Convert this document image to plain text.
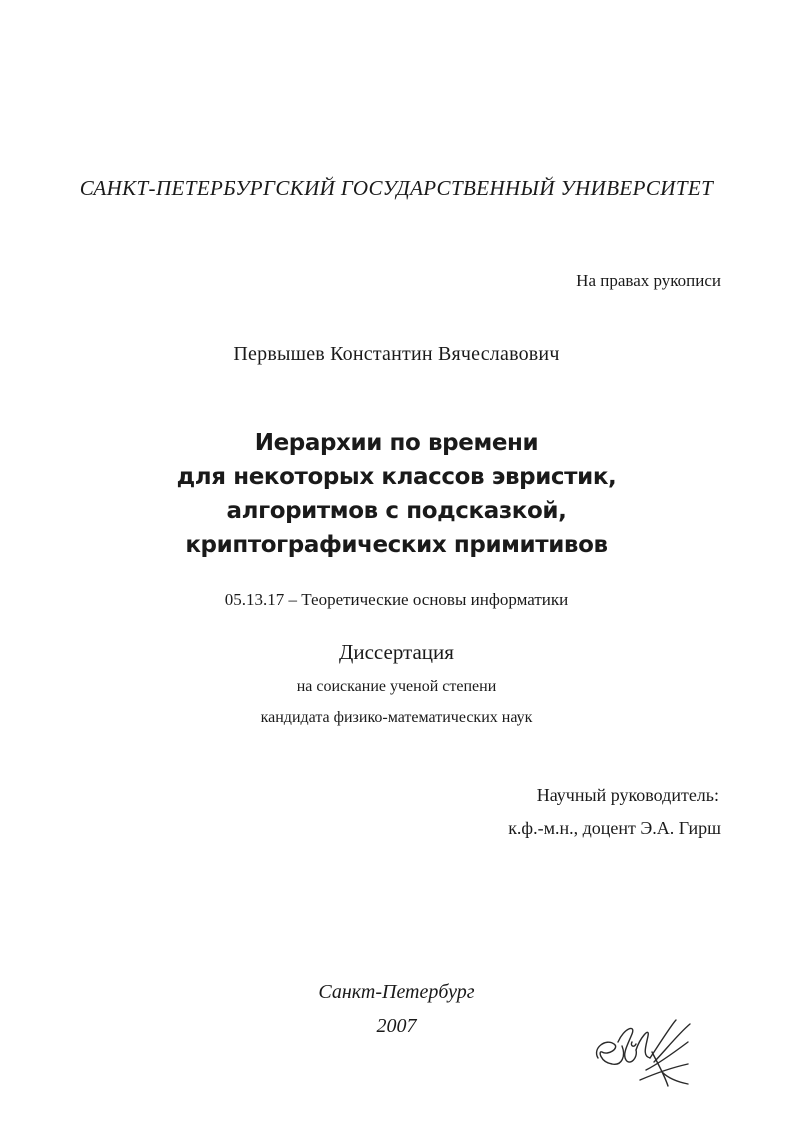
САНКТ-ПЕТЕРБУРГСКИЙ ГОСУДАРСТВЕННЫЙ УНИВЕРСИТЕТ
На правах рукописи
Первышев Константин Вячеславович
Иерархии по времени
для некоторых классов эвристик,
алгоритмов с подсказкой,
криптографических примитивов
05.13.17 – Теоретические основы информатики
Диссертация
на соискание ученой степени
кандидата физико-математических наук
Научный руководитель:
к.ф.-м.н., доцент Э.А. Гирш
Санкт-Петербург
2007
